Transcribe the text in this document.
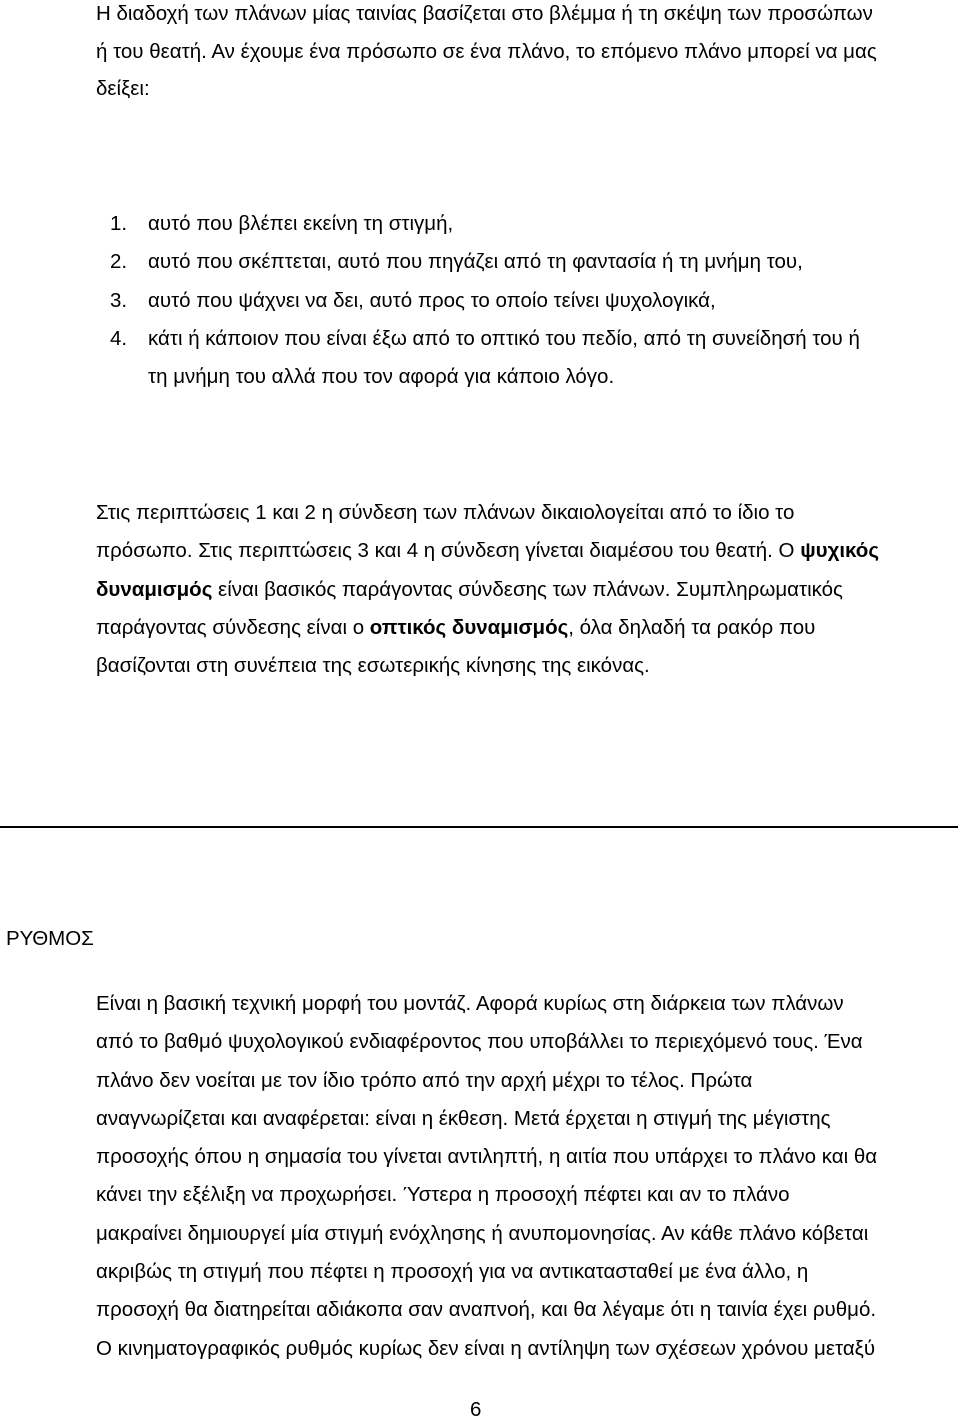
Η διαδοχή των πλάνων μίας ταινίας βασίζεται στο βλέμμα ή τη σκέψη των προσώπων
ή του θεατή. Αν έχουμε ένα πρόσωπο σε ένα πλάνο, το επόμενο πλάνο μπορεί να μας
δείξει:
1. αυτό που βλέπει εκείνη τη στιγμή,
2. αυτό που σκέπτεται, αυτό που πηγάζει από τη φαντασία ή τη μνήμη του,
3. αυτό που ψάχνει να δει, αυτό προς το οποίο τείνει ψυχολογικά,
4. κάτι ή κάποιον που είναι έξω από το οπτικό του πεδίο, από τη συνείδησή του ή
τη μνήμη του αλλά που τον αφορά για κάποιο λόγο.
Στις περιπτώσεις 1 και 2 η σύνδεση των πλάνων δικαιολογείται από το ίδιο το
πρόσωπο. Στις περιπτώσεις 3 και 4 η σύνδεση γίνεται διαμέσου του θεατή. Ο ψυχικός
δυναμισμός είναι βασικός παράγοντας σύνδεσης των πλάνων. Συμπληρωματικός
παράγοντας σύνδεσης είναι ο οπτικός δυναμισμός, όλα δηλαδή τα ρακόρ που
βασίζονται στη συνέπεια της εσωτερικής κίνησης της εικόνας.
ΡΥΘΜΟΣ
Είναι η βασική τεχνική μορφή του μοντάζ. Αφορά κυρίως στη διάρκεια των πλάνων
από το βαθμό ψυχολογικού ενδιαφέροντος που υποβάλλει το περιεχόμενό τους. Ένα
πλάνο δεν νοείται με τον ίδιο τρόπο από την αρχή μέχρι το τέλος. Πρώτα
αναγνωρίζεται και αναφέρεται: είναι η έκθεση. Μετά έρχεται η στιγμή της μέγιστης
προσοχής όπου η σημασία του γίνεται αντιληπτή, η αιτία που υπάρχει το πλάνο και θα
κάνει την εξέλιξη να προχωρήσει. Ύστερα η προσοχή πέφτει και αν το πλάνο
μακραίνει δημιουργεί μία στιγμή ενόχλησης ή ανυπομονησίας. Αν κάθε πλάνο κόβεται
ακριβώς τη στιγμή που πέφτει η προσοχή για να αντικατασταθεί με ένα άλλο, η
προσοχή θα διατηρείται αδιάκοπα σαν αναπνοή, και θα λέγαμε ότι η ταινία έχει ρυθμό.
Ο κινηματογραφικός ρυθμός κυρίως δεν είναι η αντίληψη των σχέσεων χρόνου μεταξύ
6
